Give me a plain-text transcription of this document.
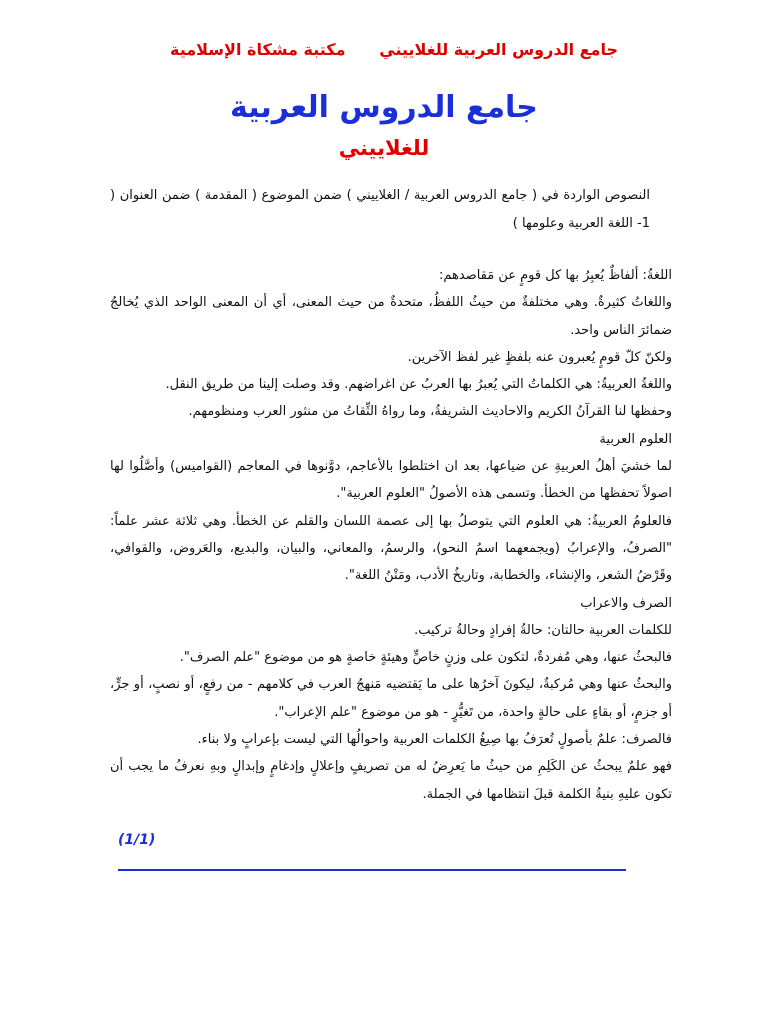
جامع الدروس العربية للغلاييني
مكتبة مشكاة الإسلامية
جامع الدروس العربية
للغلاييني
النصوص الواردة في ( جامع الدروس العربية / الغلاييني ) ضمن الموضوع ( المقدمة ) ضمن العنوان ( 1- اللغة العربية وعلومها )

اللغةُ: ألفاظٌ يُعبِرُ بها كل قومٍ عن مَقاصدهم:

واللغاتُ كثيرةٌ. وهي مختلفةٌ من حيثُ اللفظُ، متحدةٌ من حيث المعنى، أي أن المعنى الواحد الذي يُخالجُ ضمائرَ الناس واحد.

ولكنّ كلّ قومٍ يُعبرون عنه بلفظٍ غير لفظ الآخرين.

واللغةُ العربيةُ: هي الكلماتُ التي يُعبرُ بها العربُ عن اغراضهم. وقد وصلت إلينا من طريق النقل.

وحفظها لنا القرآنُ الكريم والاحاديث الشريفةُ، وما رواهُ الثِّقاتُ من منثور العرب ومنظومهم.

العلوم العربية

لما خشيَ أهلُ العربيةِ عن ضياعها، بعد ان اختلطوا بالأعاجم، دوَّنوها في المعاجم (القواميس) وأصَّلُوا لها اصولاً تحفظها من الخطأ. وتسمى هذه الأصولُ "العلوم العربية".

فالعلومُ العربيةُ: هي العلوم التي يتوصلُ بها إلى عصمة اللسان والقلم عن الخطأ. وهي ثلاثة عشر علماً: "الصرفُ، والإعرابُ (ويجمعهما اسمُ النحو)، والرسمُ، والمعاني، والبيان، والبديع، والعَروض، والقوافي، وقَرْضُ الشعر، والإنشاء، والخطابة، وتاريخُ الأدب، ومَتْنُ اللغة".

الصرف والاعراب

للكلمات العربية حالتان: حالةُ إفرادٍ وحالةُ تركيب.

فالبحثُ عنها، وهي مُفردةٌ، لتكون على وزنٍ خاصٍّ وهيئةٍ خاصةٍ هو من موضوع "علم الصرف".

والبحثُ عنها وهي مُركبةٌ، ليكونَ آخرُها على ما يَقتضيه مَنهجُ العرب في كلامهم - من رفعٍ، أو نصبٍ، أو جرٍّ، أو جزمٍ، أو بقاءٍ على حالةٍ واحدة، من تَغيُّرٍ - هو من موضوع "علم الإعراب".

فالصرف: علمٌ بأصولٍ تُعرَفُ بها صِيغُ الكلمات العربية واحوالُها التي ليست بإعرابٍ ولا بناء.

فهو علمٌ يبحثُ عن الكَلِمِ من حيثُ ما يَعرِضُ له من تصريفٍ وإعلالٍ وإدغامٍ وإبدالٍ وبهِ نعرفُ ما يجب أن تكون عليهِ بنيةُ الكلمة قبلَ انتظامها في الجملة.

(1/1)
